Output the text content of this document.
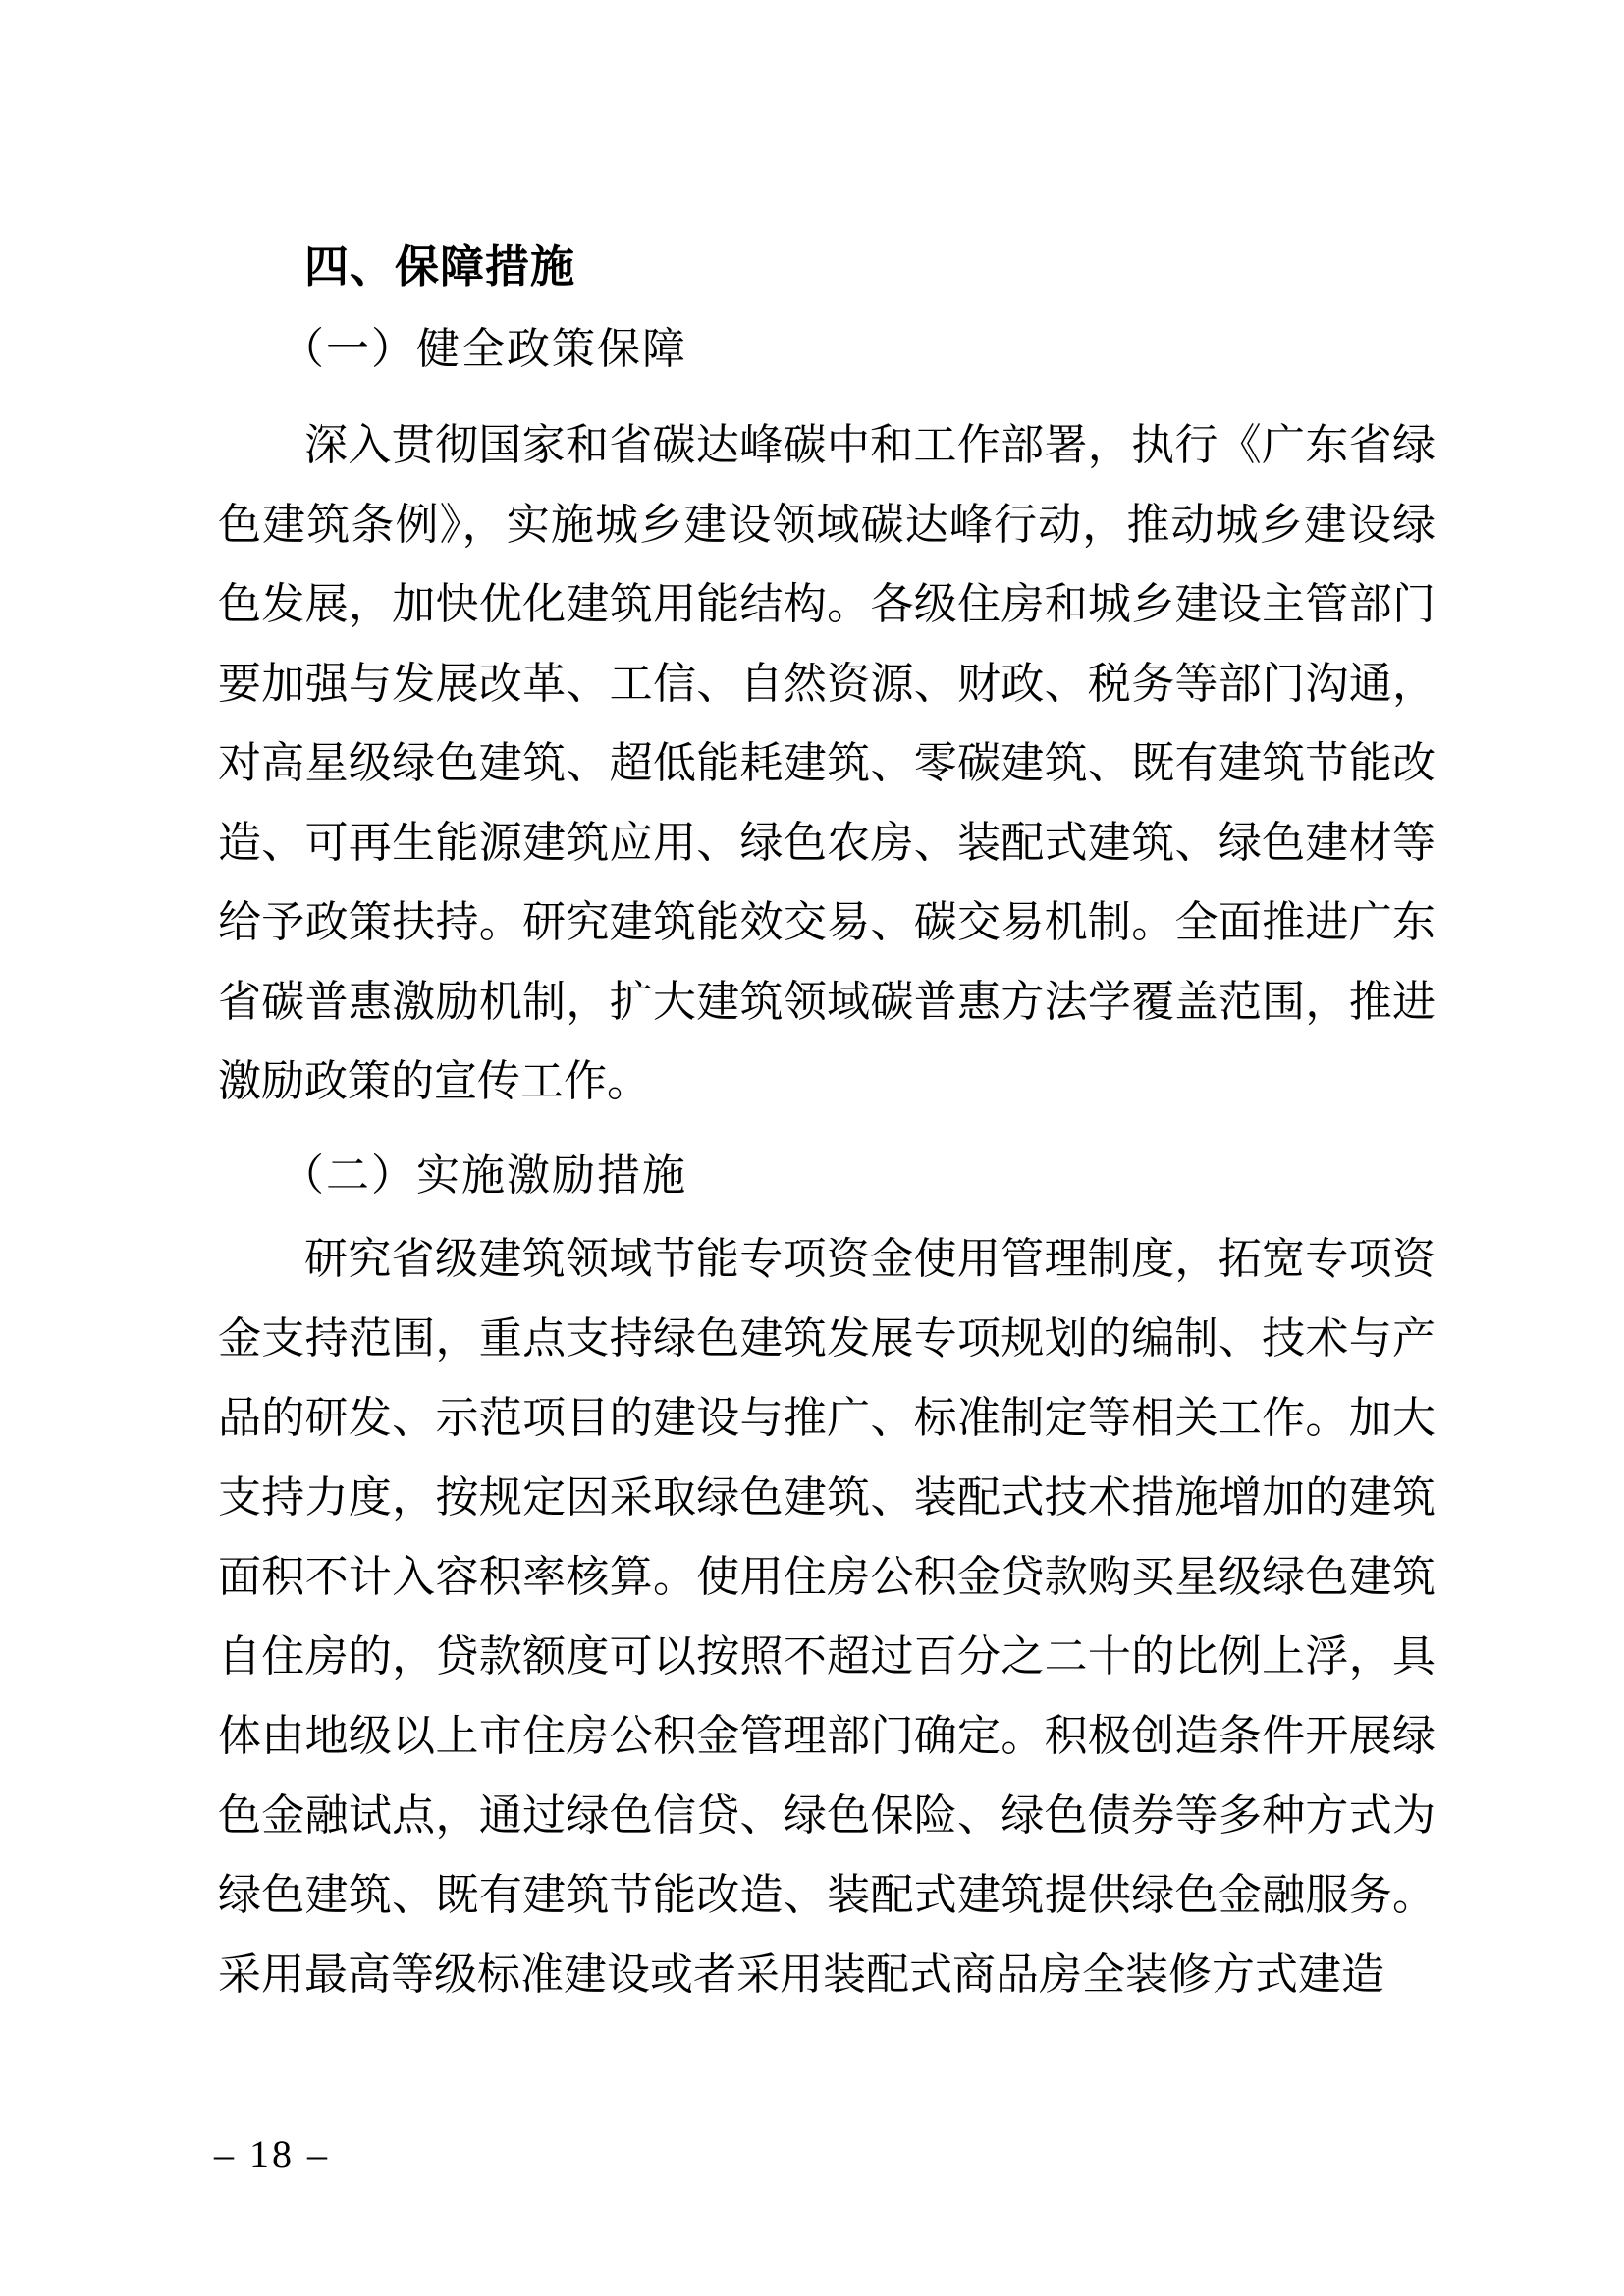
四、保障措施
（一）健全政策保障
深入贯彻国家和省碳达峰碳中和工作部署，执行《广东省绿
色建筑条例》，实施城乡建设领域碳达峰行动，推动城乡建设绿
色发展，加快优化建筑用能结构。各级住房和城乡建设主管部门
要加强与发展改革、工信、自然资源、财政、税务等部门沟通，
对高星级绿色建筑、超低能耗建筑、零碳建筑、既有建筑节能改
造、可再生能源建筑应用、绿色农房、装配式建筑、绿色建材等
给予政策扶持。研究建筑能效交易、碳交易机制。全面推进广东
省碳普惠激励机制，扩大建筑领域碳普惠方法学覆盖范围，推进
激励政策的宣传工作。
（二）实施激励措施
研究省级建筑领域节能专项资金使用管理制度，拓宽专项资
金支持范围，重点支持绿色建筑发展专项规划的编制、技术与产
品的研发、示范项目的建设与推广、标准制定等相关工作。加大
支持力度，按规定因采取绿色建筑、装配式技术措施增加的建筑
面积不计入容积率核算。使用住房公积金贷款购买星级绿色建筑
自住房的，贷款额度可以按照不超过百分之二十的比例上浮，具
体由地级以上市住房公积金管理部门确定。积极创造条件开展绿
色金融试点，通过绿色信贷、绿色保险、绿色债券等多种方式为
绿色建筑、既有建筑节能改造、装配式建筑提供绿色金融服务。
采用最高等级标准建设或者采用装配式商品房全装修方式建造
– 18 –
